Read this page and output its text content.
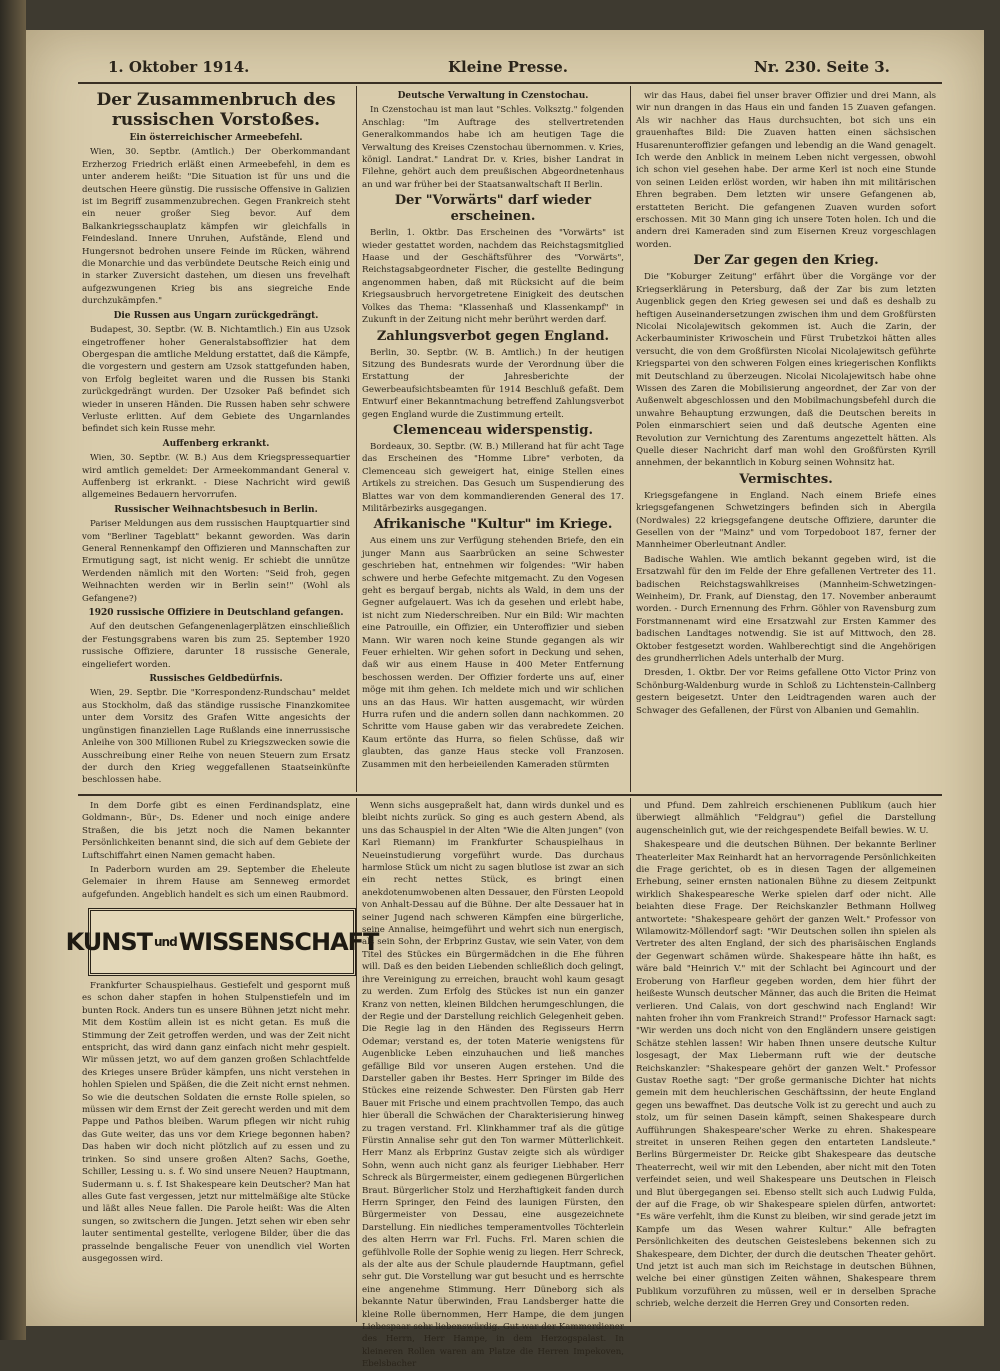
1. Oktober 1914.	Kleine Presse.	Nr. 230. Seite 3.

Der Zusammenbruch des russischen Vorstoßes.

Ein österreichischer Armeebefehl.

Wien, 30. Septbr. (Amtlich.) Der Oberkommandant Erzherzog Friedrich erläßt einen Armeebefehl, in dem es unter anderem heißt: "Die Situation ist für uns und die deutschen Heere günstig. Die russische Offensive in Galizien ist im Begriff zusammenzubrechen. Gegen Frankreich steht ein neuer großer Sieg bevor. Auf dem Balkankriegsschauplatz kämpfen wir gleichfalls in Feindesland. Innere Unruhen, Aufstände, Elend und Hungersnot bedrohen unsere Feinde im Rücken, während die Monarchie und das verbündete Deutsche Reich einig und in starker Zuversicht dastehen, um diesen uns frevelhaft aufgezwungenen Krieg bis ans siegreiche Ende durchzukämpfen."

Die Russen aus Ungarn zurückgedrängt.

Budapest, 30. Septbr. (W. B. Nichtamtlich.) Ein aus Uzsok eingetroffener hoher Generalstabsoffizier hat dem Obergespan die amtliche Meldung erstattet, daß die Kämpfe, die vorgestern und gestern am Uzsok stattgefunden haben, von Erfolg begleitet waren und die Russen bis Stanki zurückgedrängt wurden. Der Uzsoker Paß befindet sich wieder in unseren Händen. Die Russen haben sehr schwere Verluste erlitten. Auf dem Gebiete des Ungarnlandes befindet sich kein Russe mehr.

Auffenberg erkrankt.

Wien, 30. Septbr. (W. B.) Aus dem Kriegspressequartier wird amtlich gemeldet: Der Armeekommandant General v. Auffenberg ist erkrankt. - Diese Nachricht wird gewiß allgemeines Bedauern hervorrufen.

Russischer Weihnachtsbesuch in Berlin.

Pariser Meldungen aus dem russischen Hauptquartier sind vom "Berliner Tageblatt" bekannt geworden. Was darin General Rennenkampf den Offizieren und Mannschaften zur Ermutigung sagt, ist nicht wenig. Er schiebt die unnütze Werdenden nämlich mit den Worten: "Seid froh, gegen Weihnachten werden wir in Berlin sein!" (Wohl als Gefangene?)

1920 russische Offiziere in Deutschland gefangen.

Auf den deutschen Gefangenenlagerplätzen einschließlich der Festungsgrabens waren bis zum 25. September 1920 russische Offiziere, darunter 18 russische Generale, eingeliefert worden.

Russisches Geldbedürfnis.

Wien, 29. Septbr. Die "Korrespondenz-Rundschau" meldet aus Stockholm, daß das ständige russische Finanzkomitee unter dem Vorsitz des Grafen Witte angesichts der ungünstigen finanziellen Lage Rußlands eine innerrussische Anleihe von 300 Millionen Rubel zu Kriegszwecken sowie die Ausschreibung einer Reihe von neuen Steuern zum Ersatz der durch den Krieg weggefallenen Staatseinkünfte beschlossen habe.

Deutsche Verwaltung in Czenstochau.

In Czenstochau ist man laut "Schles. Volksztg." folgenden Anschlag: "Im Auftrage des stellvertretenden Generalkommandos habe ich am heutigen Tage die Verwaltung des Kreises Czenstochau übernommen. v. Kries, königl. Landrat." Landrat Dr. v. Kries, bisher Landrat in Filehne, gehört auch dem preußischen Abgeordnetenhaus an und war früher bei der Staatsanwaltschaft II Berlin.

Der "Vorwärts" darf wieder erscheinen.

Berlin, 1. Oktbr. Das Erscheinen des "Vorwärts" ist wieder gestattet worden, nachdem das Reichstagsmitglied Haase und der Geschäftsführer des "Vorwärts", Reichstagsabgeordneter Fischer, die gestellte Bedingung angenommen haben, daß mit Rücksicht auf die beim Kriegsausbruch hervorgetretene Einigkeit des deutschen Volkes das Thema: "Klassenhaß und Klassenkampf" in Zukunft in der Zeitung nicht mehr berührt werden darf.

Zahlungsverbot gegen England.

Berlin, 30. Septbr. (W. B. Amtlich.) In der heutigen Sitzung des Bundesrats wurde der Verordnung über die Erstattung der Jahresberichte der Gewerbeaufsichtsbeamten für 1914 Beschluß gefaßt. Dem Entwurf einer Bekanntmachung betreffend Zahlungsverbot gegen England wurde die Zustimmung erteilt.

Clemenceau widerspenstig.

Bordeaux, 30. Septbr. (W. B.) Millerand hat für acht Tage das Erscheinen des "Homme Libre" verboten, da Clemenceau sich geweigert hat, einige Stellen eines Artikels zu streichen. Das Gesuch um Suspendierung des Blattes war von dem kommandierenden General des 17. Militärbezirks ausgegangen.

Afrikanische "Kultur" im Kriege.

Aus einem uns zur Verfügung stehenden Briefe, den ein junger Mann aus Saarbrücken an seine Schwester geschrieben hat, entnehmen wir folgendes: "Wir haben schwere und herbe Gefechte mitgemacht. Zu den Vogesen geht es bergauf bergab, nichts als Wald, in dem uns der Gegner aufgelauert. Was ich da gesehen und erlebt habe, ist nicht zum Niederschreiben. Nur ein Bild: Wir machten eine Patrouille, ein Offizier, ein Unteroffizier und sieben Mann. Wir waren noch keine Stunde gegangen als wir Feuer erhielten. Wir gehen sofort in Deckung und sehen, daß wir aus einem Hause in 400 Meter Entfernung beschossen werden. Der Offizier forderte uns auf, einer möge mit ihm gehen. Ich meldete mich und wir schlichen uns an das Haus. Wir hatten ausgemacht, wir würden Hurra rufen und die andern sollen dann nachkommen. 20 Schritte vom Hause gaben wir das verabredete Zeichen. Kaum ertönte das Hurra, so fielen Schüsse, daß wir glaubten, das ganze Haus stecke voll Franzosen. Zusammen mit den herbeieilenden Kameraden stürmten

wir das Haus, dabei fiel unser braver Offizier und drei Mann, als wir nun drangen in das Haus ein und fanden 15 Zuaven gefangen. Als wir nachher das Haus durchsuchten, bot sich uns ein grauenhaftes Bild: Die Zuaven hatten einen sächsischen Husarenunteroffizier gefangen und lebendig an die Wand genagelt. Ich werde den Anblick in meinem Leben nicht vergessen, obwohl ich schon viel gesehen habe. Der arme Kerl ist noch eine Stunde von seinen Leiden erlöst worden, wir haben ihn mit militärischen Ehren begraben. Dem letzten wir unsere Gefangenen ab, erstatteten Bericht. Die gefangenen Zuaven wurden sofort erschossen. Mit 30 Mann ging ich unsere Toten holen. Ich und die andern drei Kameraden sind zum Eisernen Kreuz vorgeschlagen worden.

Der Zar gegen den Krieg.

Die "Koburger Zeitung" erfährt über die Vorgänge vor der Kriegserklärung in Petersburg, daß der Zar bis zum letzten Augenblick gegen den Krieg gewesen sei und daß es deshalb zu heftigen Auseinandersetzungen zwischen ihm und dem Großfürsten Nicolai Nicolajewitsch gekommen ist. Auch die Zarin, der Ackerbauminister Kriwoschein und Fürst Trubetzkoi hätten alles versucht, die von dem Großfürsten Nicolai Nicolajewitsch geführte Kriegspartei von den schweren Folgen eines kriegerischen Konflikts mit Deutschland zu überzeugen. Nicolai Nicolajewitsch habe ohne Wissen des Zaren die Mobilisierung angeordnet, der Zar von der Außenwelt abgeschlossen und den Mobilmachungsbefehl durch die unwahre Behauptung erzwungen, daß die Deutschen bereits in Polen einmarschiert seien und daß deutsche Agenten eine Revolution zur Vernichtung des Zarentums angezettelt hätten. Als Quelle dieser Nachricht darf man wohl den Großfürsten Kyrill annehmen, der bekanntlich in Koburg seinen Wohnsitz hat.

Vermischtes.

Kriegsgefangene in England. Nach einem Briefe eines kriegsgefangenen Schwetzingers befinden sich in Abergila (Nordwales) 22 kriegsgefangene deutsche Offiziere, darunter die Gesellen von der "Mainz" und vom Torpedoboot 187, ferner der Mannheimer Oberleutnant Andler.

Badische Wahlen. Wie amtlich bekannt gegeben wird, ist die Ersatzwahl für den im Felde der Ehre gefallenen Vertreter des 11. badischen Reichstagswahlkreises (Mannheim-Schwetzingen-Weinheim), Dr. Frank, auf Dienstag, den 17. November anberaumt worden. - Durch Ernennung des Frhrn. Göhler von Ravensburg zum Forstmannenamt wird eine Ersatzwahl zur Ersten Kammer des badischen Landtages notwendig. Sie ist auf Mittwoch, den 28. Oktober festgesetzt worden. Wahlberechtigt sind die Angehörigen des grundherrlichen Adels unterhalb der Murg.

Dresden, 1. Oktbr. Der vor Reims gefallene Otto Victor Prinz von Schönburg-Waldenburg wurde in Schloß zu Lichtenstein-Callnberg gestern beigesetzt. Unter den Leidtragenden waren auch der Schwager des Gefallenen, der Fürst von Albanien und Gemahlin.

In dem Dorfe gibt es einen Ferdinandsplatz, eine Goldmann-, Bür-, Ds. Edener und noch einige andere Straßen, die bis jetzt noch die Namen bekannter Persönlichkeiten benannt sind, die sich auf dem Gebiete der Luftschiffahrt einen Namen gemacht haben.

In Paderborn wurden am 29. September die Eheleute Gelemaier in ihrem Hause am Senneweg ermordet aufgefunden. Angeblich handelt es sich um einen Raubmord.

KUNST und WISSENSCHAFT

Frankfurter Schauspielhaus. Gestiefelt und gespornt muß es schon daher stapfen in hohen Stulpenstiefeln und im bunten Rock. Anders tun es unsere Bühnen jetzt nicht mehr. Mit dem Kostüm allein ist es nicht getan. Es muß die Stimmung der Zeit getroffen werden, und was der Zeit nicht entspricht, das wird dann ganz einfach nicht mehr gespielt. Wir müssen jetzt, wo auf dem ganzen großen Schlachtfelde des Krieges unsere Brüder kämpfen, uns nicht verstehen in hohlen Spielen und Späßen, die die Zeit nicht ernst nehmen. So wie die deutschen Soldaten die ernste Rolle spielen, so müssen wir dem Ernst der Zeit gerecht werden und mit dem Pappe und Pathos bleiben. Warum pflegen wir nicht ruhig das Gute weiter, das uns vor dem Kriege begonnen haben? Das haben wir doch nicht plötzlich auf zu essen und zu trinken. So sind unsere großen Alten? Sachs, Goethe, Schiller, Lessing u. s. f. Wo sind unsere Neuen? Hauptmann, Sudermann u. s. f. Ist Shakespeare kein Deutscher? Man hat alles Gute fast vergessen, jetzt nur mittelmäßige alte Stücke und läßt alles Neue fallen. Die Parole heißt: Was die Alten sungen, so zwitschern die Jungen. Jetzt sehen wir eben sehr lauter sentimental gestellte, verlogene Bilder, über die das prasselnde bengalische Feuer von unendlich viel Worten ausgegossen wird.

Wenn sichs ausgepraßelt hat, dann wirds dunkel und es bleibt nichts zurück. So ging es auch gestern Abend, als uns das Schauspiel in der Alten "Wie die Alten jungen" (von Karl Riemann) im Frankfurter Schauspielhaus in Neueinstudierung vorgeführt wurde. Das durchaus harmlose Stück um nicht zu sagen blutlose ist zwar an sich ein recht nettes Stück, es bringt einen anekdotenumwobenen alten Dessauer, den Fürsten Leopold von Anhalt-Dessau auf die Bühne. Der alte Dessauer hat in seiner Jugend nach schweren Kämpfen eine bürgerliche, seine Annalise, heimgeführt und wehrt sich nun energisch, als sein Sohn, der Erbprinz Gustav, wie sein Vater, von dem Titel des Stückes ein Bürgermädchen in die Ehe führen will. Daß es den beiden Liebenden schließlich doch gelingt, ihre Vereinigung zu erreichen, braucht wohl kaum gesagt zu werden. Zum Erfolg des Stückes ist nun ein ganzer Kranz von netten, kleinen Bildchen herumgeschlungen, die der Regie und der Darstellung reichlich Gelegenheit geben. Die Regie lag in den Händen des Regisseurs Herrn Odemar; verstand es, der toten Materie wenigstens für Augenblicke Leben einzuhauchen und ließ manches gefällige Bild vor unseren Augen erstehen. Und die Darsteller gaben ihr Bestes. Herr Springer im Bilde des Stückes eine reizende Schwester. Den Fürsten gab Herr Bauer mit Frische und einem prachtvollen Tempo, das auch hier überall die Schwächen der Charakterisierung hinweg zu tragen verstand. Frl. Klinkhammer traf als die gütige Fürstin Annalise sehr gut den Ton warmer Mütterlichkeit. Herr Manz als Erbprinz Gustav zeigte sich als würdiger Sohn, wenn auch nicht ganz als feuriger Liebhaber. Herr Schreck als Bürgermeister, einem gediegenen Bürgerlichen Braut. Bürgerlicher Stolz und Herzhaftigkeit fanden durch Herrn Springer, den Feind des launigen Fürsten, den Bürgermeister von Dessau, eine ausgezeichnete Darstellung. Ein niedliches temperamentvolles Töchterlein des alten Herrn war Frl. Fuchs. Frl. Maren schien die gefühlvolle Rolle der Sophie wenig zu liegen. Herr Schreck, als der alte aus der Schule plaudernde Hauptmann, gefiel sehr gut. Die Vorstellung war gut besucht und es herrschte eine angenehme Stimmung. Herr Düneborg sich als bekannte Natur überwinden, Frau Landsberger hatte die kleine Rolle übernommen, Herr Hampe, die dem jungen Liebespaar sehr liebenswürdig. Gut war der Kammerdiener des Herrn, Herr Hampe, in dem Herzogspalast. In kleineren Rollen waren am Platze die Herren Impekoven, Ebelsbacher

und Pfund. Dem zahlreich erschienenen Publikum (auch hier überwiegt allmählich "Feldgrau") gefiel die Darstellung augenscheinlich gut, wie der reichgespendete Beifall bewies. W. U.

Shakespeare und die deutschen Bühnen. Der bekannte Berliner Theaterleiter Max Reinhardt hat an hervorragende Persönlichkeiten die Frage gerichtet, ob es in diesen Tagen der allgemeinen Erhebung, seiner ernsten nationalen Bühne zu diesem Zeitpunkt wirklich Shakespearesche Werke spielen darf oder nicht. Alle beiahten diese Frage. Der Reichskanzler Bethmann Hollweg antwortete: "Shakespeare gehört der ganzen Welt." Professor von Wilamowitz-Möllendorf sagt: "Wir Deutschen sollen ihn spielen als Vertreter des alten England, der sich des pharisäischen Englands der Gegenwart schämen würde. Shakespeare hätte ihn haßt, es wäre bald "Heinrich V." mit der Schlacht bei Agincourt und der Eroberung von Harfleur gegeben worden, dem hier führt der heißeste Wunsch deutscher Männer, das auch die Briten die Heimat verlieren. Und Calais, von dort geschwind nach England! Wir nahten froher ihn vom Frankreich Strand!" Professor Harnack sagt: "Wir werden uns doch nicht von den Engländern unsere geistigen Schätze stehlen lassen! Wir haben Ihnen unsere deutsche Kultur losgesagt, der Max Liebermann ruft wie der deutsche Reichskanzler: "Shakespeare gehört der ganzen Welt." Professor Gustav Roethe sagt: "Der große germanische Dichter hat nichts gemein mit dem heuchlerischen Geschäftssinn, der heute England gegen uns bewaffnet. Das deutsche Volk ist zu gerecht und auch zu stolz, um für seinen Dasein kämpft, seinen Shakespeare durch Aufführungen Shakespeare'scher Werke zu ehren. Shakespeare streitet in unseren Reihen gegen den entarteten Landsleute." Berlins Bürgermeister Dr. Reicke gibt Shakespeare das deutsche Theaterrecht, weil wir mit den Lebenden, aber nicht mit den Toten verfeindet seien, und weil Shakespeare uns Deutschen in Fleisch und Blut übergegangen sei. Ebenso stellt sich auch Ludwig Fulda, der auf die Frage, ob wir Shakespeare spielen dürfen, antwortet: "Es wäre verfehlt, ihm die Kunst zu bleiben, wir sind gerade jetzt im Kampfe um das Wesen wahrer Kultur." Alle befragten Persönlichkeiten des deutschen Geisteslebens bekennen sich zu Shakespeare, dem Dichter, der durch die deutschen Theater gehört. Und jetzt ist auch man sich im Reichstage in deutschen Bühnen, welche bei einer günstigen Zeiten wähnen, Shakespeare threm Publikum vorzuführen zu müssen, weil er in derselben Sprache schrieb, welche derzeit die Herren Grey und Consorten reden.
